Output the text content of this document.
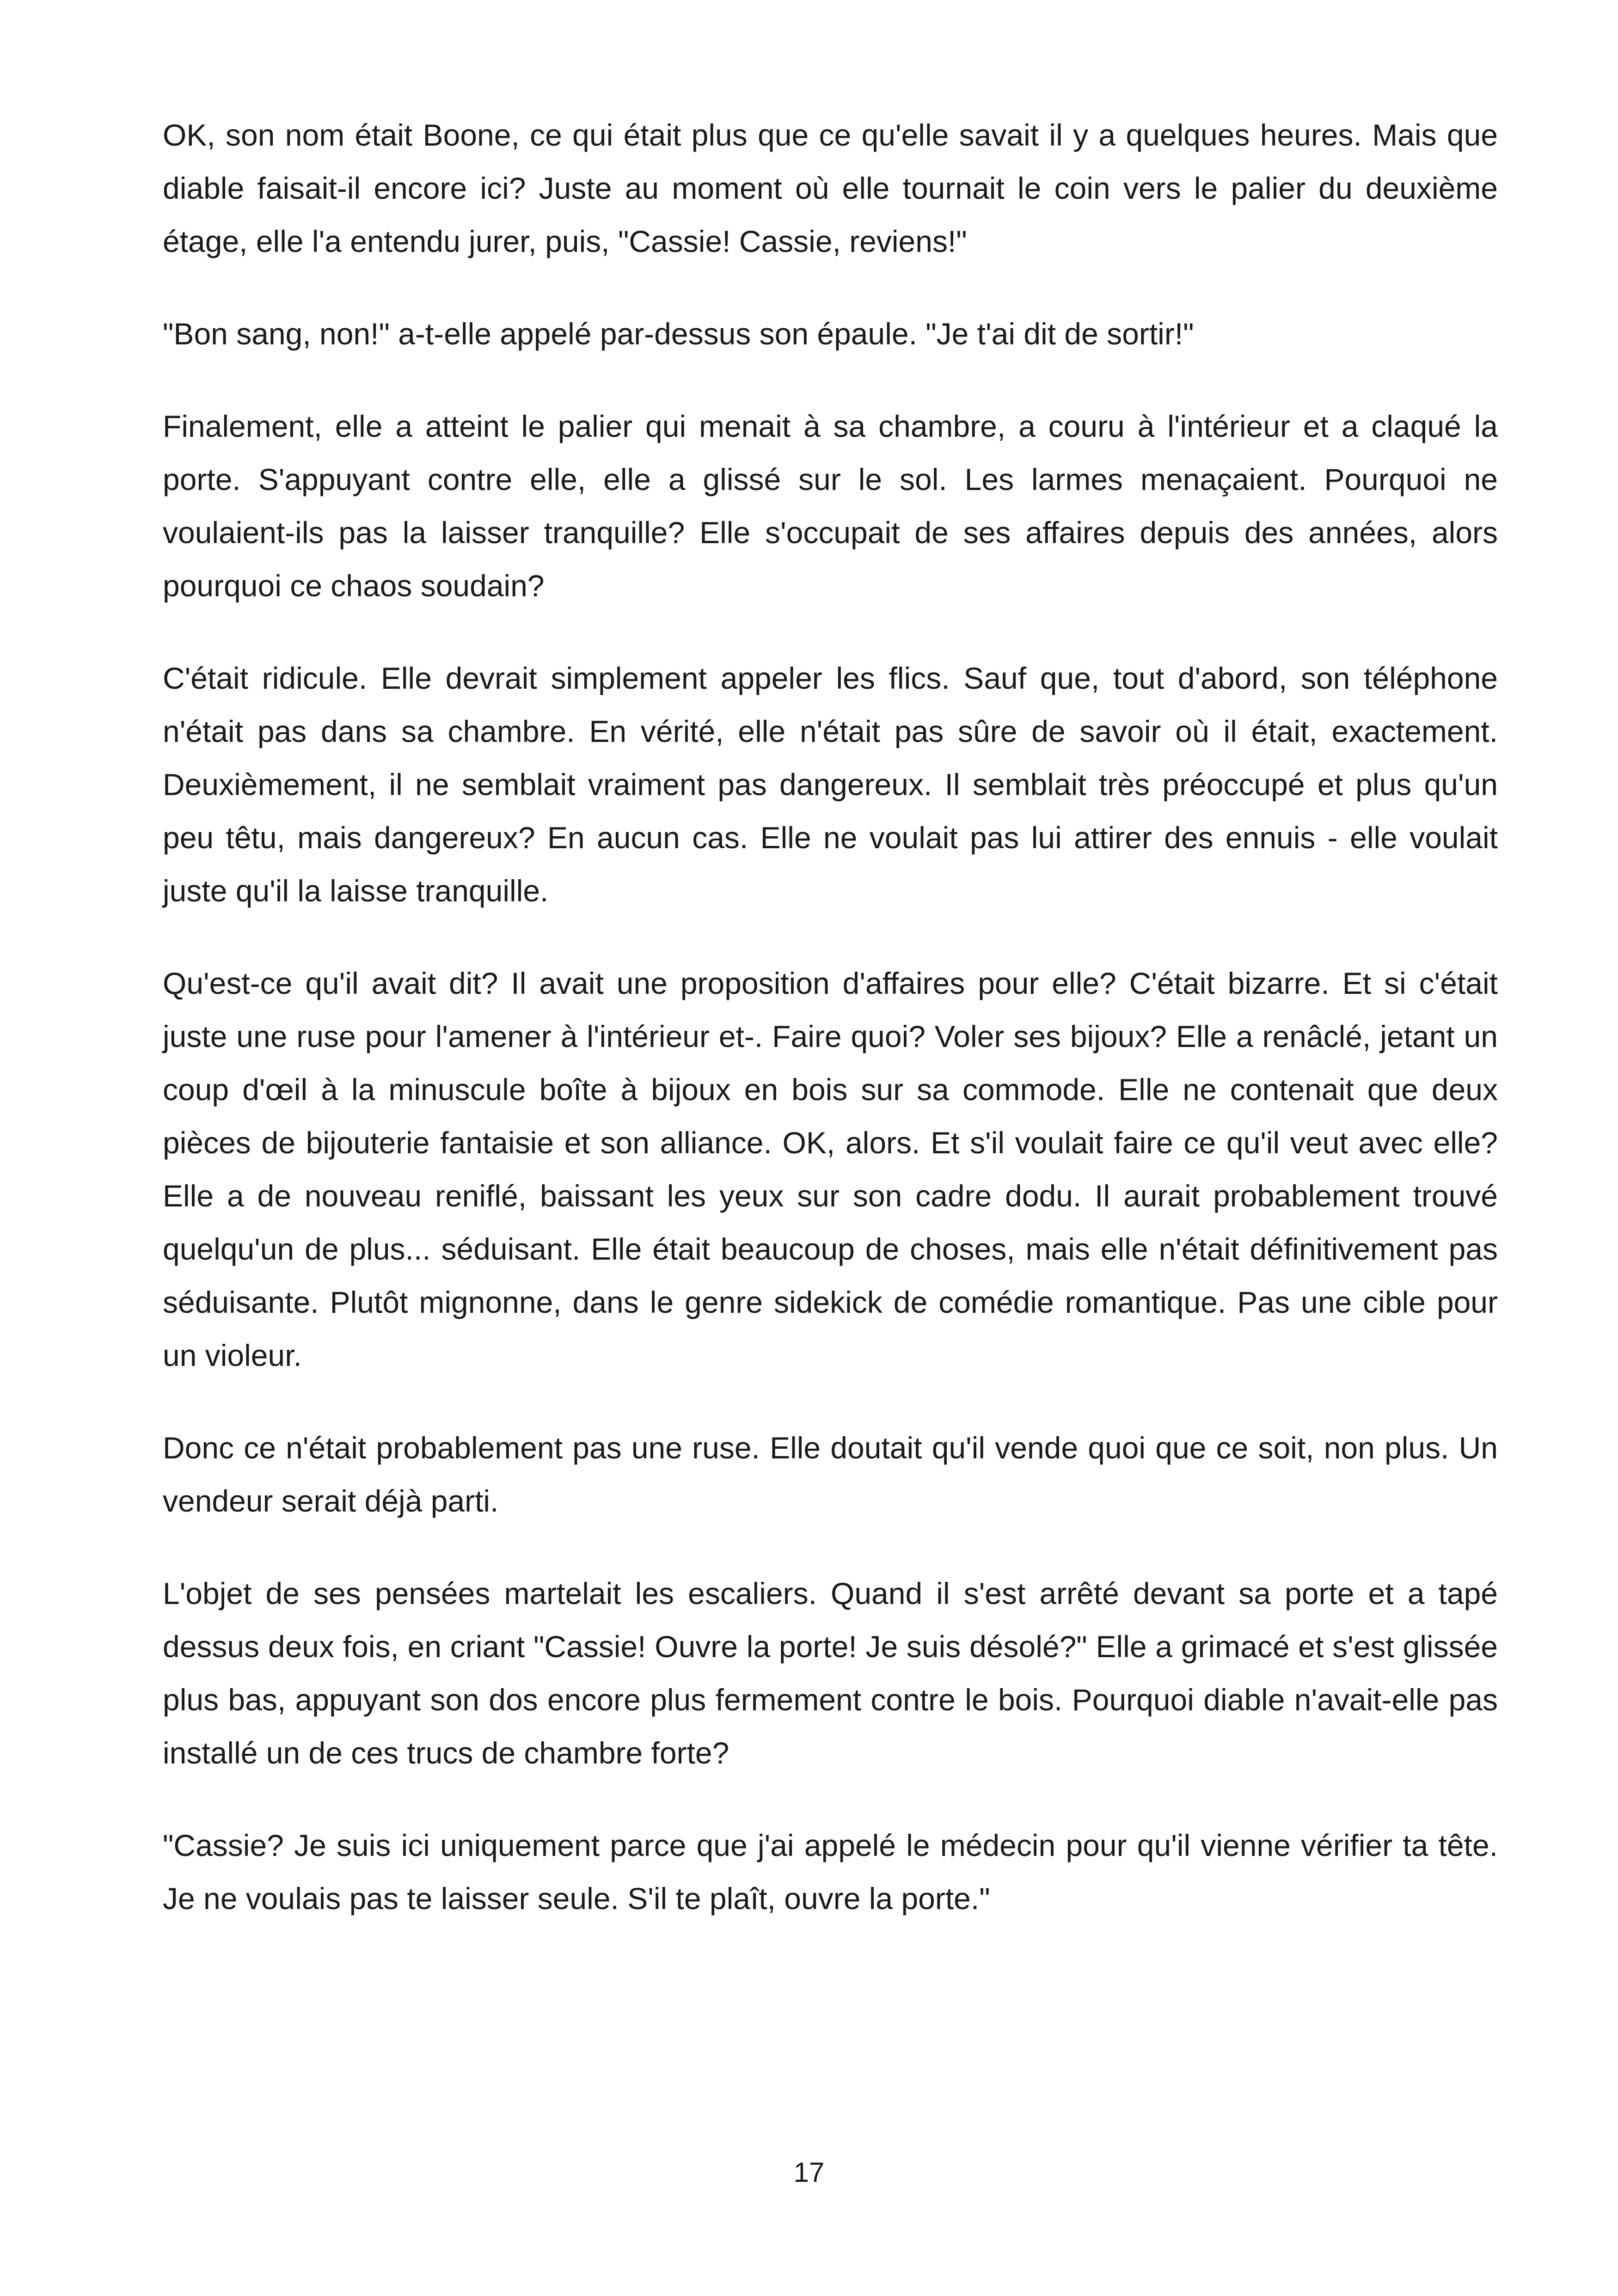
OK, son nom était Boone, ce qui était plus que ce qu'elle savait il y a quelques heures. Mais que diable faisait-il encore ici? Juste au moment où elle tournait le coin vers le palier du deuxième étage, elle l'a entendu jurer, puis, "Cassie! Cassie, reviens!"

"Bon sang, non!" a-t-elle appelé par-dessus son épaule. "Je t'ai dit de sortir!"

Finalement, elle a atteint le palier qui menait à sa chambre, a couru à l'intérieur et a claqué la porte. S'appuyant contre elle, elle a glissé sur le sol. Les larmes menaçaient. Pourquoi ne voulaient-ils pas la laisser tranquille? Elle s'occupait de ses affaires depuis des années, alors pourquoi ce chaos soudain?

C'était ridicule. Elle devrait simplement appeler les flics. Sauf que, tout d'abord, son téléphone n'était pas dans sa chambre. En vérité, elle n'était pas sûre de savoir où il était, exactement. Deuxièmement, il ne semblait vraiment pas dangereux. Il semblait très préoccupé et plus qu'un peu têtu, mais dangereux? En aucun cas. Elle ne voulait pas lui attirer des ennuis - elle voulait juste qu'il la laisse tranquille.

Qu'est-ce qu'il avait dit? Il avait une proposition d'affaires pour elle? C'était bizarre. Et si c'était juste une ruse pour l'amener à l'intérieur et-. Faire quoi? Voler ses bijoux? Elle a renâclé, jetant un coup d'œil à la minuscule boîte à bijoux en bois sur sa commode. Elle ne contenait que deux pièces de bijouterie fantaisie et son alliance. OK, alors. Et s'il voulait faire ce qu'il veut avec elle? Elle a de nouveau reniflé, baissant les yeux sur son cadre dodu. Il aurait probablement trouvé quelqu'un de plus... séduisant. Elle était beaucoup de choses, mais elle n'était définitivement pas séduisante. Plutôt mignonne, dans le genre sidekick de comédie romantique. Pas une cible pour un violeur.

Donc ce n'était probablement pas une ruse. Elle doutait qu'il vende quoi que ce soit, non plus. Un vendeur serait déjà parti.

L'objet de ses pensées martelait les escaliers. Quand il s'est arrêté devant sa porte et a tapé dessus deux fois, en criant "Cassie! Ouvre la porte! Je suis désolé?" Elle a grimacé et s'est glissée plus bas, appuyant son dos encore plus fermement contre le bois. Pourquoi diable n'avait-elle pas installé un de ces trucs de chambre forte?

"Cassie? Je suis ici uniquement parce que j'ai appelé le médecin pour qu'il vienne vérifier ta tête. Je ne voulais pas te laisser seule. S'il te plaît, ouvre la porte."

17
